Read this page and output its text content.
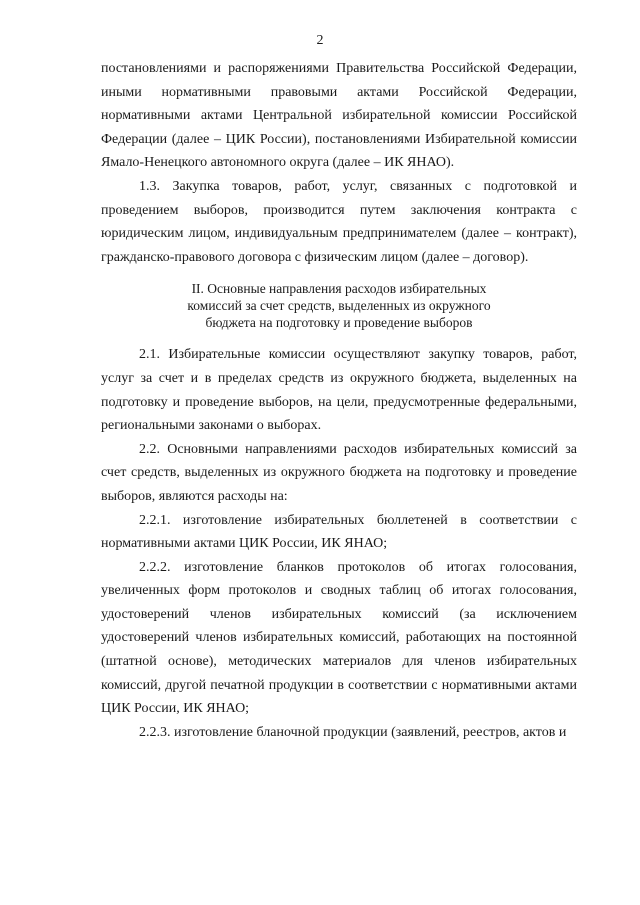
2

постановлениями и распоряжениями Правительства Российской Федерации, иными нормативными правовыми актами Российской Федерации, нормативными актами Центральной избирательной комиссии Российской Федерации (далее – ЦИК России), постановлениями Избирательной комиссии Ямало-Ненецкого автономного округа (далее – ИК ЯНАО).

1.3. Закупка товаров, работ, услуг, связанных с подготовкой и проведением выборов, производится путем заключения контракта с юридическим лицом, индивидуальным предпринимателем (далее – контракт), гражданско-правового договора с физическим лицом (далее – договор).

II. Основные направления расходов избирательных
комиссий за счет средств, выделенных из окружного
бюджета на подготовку и проведение выборов

2.1. Избирательные комиссии осуществляют закупку товаров, работ, услуг за счет и в пределах средств из окружного бюджета, выделенных на подготовку и проведение выборов, на цели, предусмотренные федеральными, региональными законами о выборах.

2.2. Основными направлениями расходов избирательных комиссий за счет средств, выделенных из окружного бюджета на подготовку и проведение выборов, являются расходы на:

2.2.1. изготовление избирательных бюллетеней в соответствии с нормативными актами ЦИК России, ИК ЯНАО;

2.2.2. изготовление бланков протоколов об итогах голосования, увеличенных форм протоколов и сводных таблиц об итогах голосования, удостоверений членов избирательных комиссий (за исключением удостоверений членов избирательных комиссий, работающих на постоянной (штатной основе), методических материалов для членов избирательных комиссий, другой печатной продукции в соответствии с нормативными актами ЦИК России, ИК ЯНАО;

2.2.3. изготовление бланочной продукции (заявлений, реестров, актов и
